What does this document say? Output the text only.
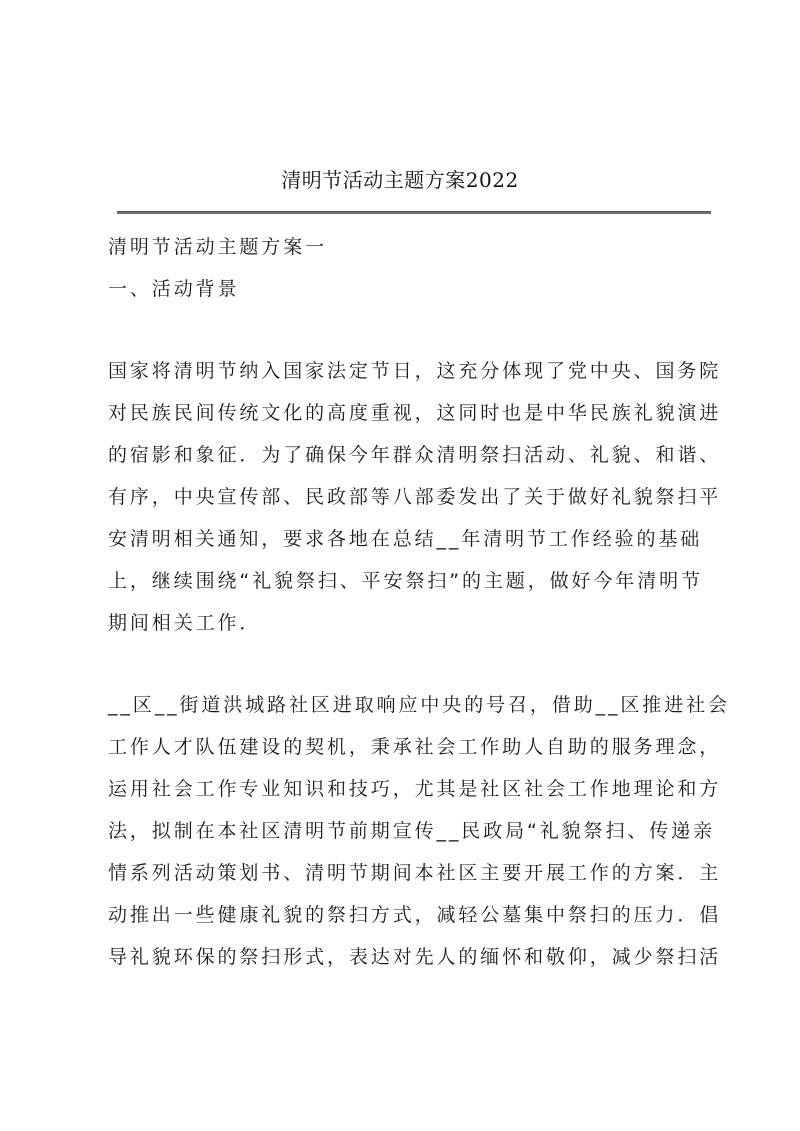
清明节活动主题方案2022
清明节活动主题方案一
一、活动背景
国家将清明节纳入国家法定节日，这充分体现了党中央、国务院
对民族民间传统文化的高度重视，这同时也是中华民族礼貌演进
的宿影和象征．为了确保今年群众清明祭扫活动、礼貌、和谐、
有序，中央宣传部、民政部等八部委发出了关于做好礼貌祭扫平
安清明相关通知，要求各地在总结__年清明节工作经验的基础
上，继续围绕“礼貌祭扫、平安祭扫”的主题，做好今年清明节
期间相关工作．
__区__街道洪城路社区进取响应中央的号召，借助__区推进社会
工作人才队伍建设的契机，秉承社会工作助人自助的服务理念，
运用社会工作专业知识和技巧，尤其是社区社会工作地理论和方
法，拟制在本社区清明节前期宣传__民政局“礼貌祭扫、传递亲
情系列活动策划书、清明节期间本社区主要开展工作的方案．主
动推出一些健康礼貌的祭扫方式，减轻公墓集中祭扫的压力．倡
导礼貌环保的祭扫形式，表达对先人的缅怀和敬仰，减少祭扫活
